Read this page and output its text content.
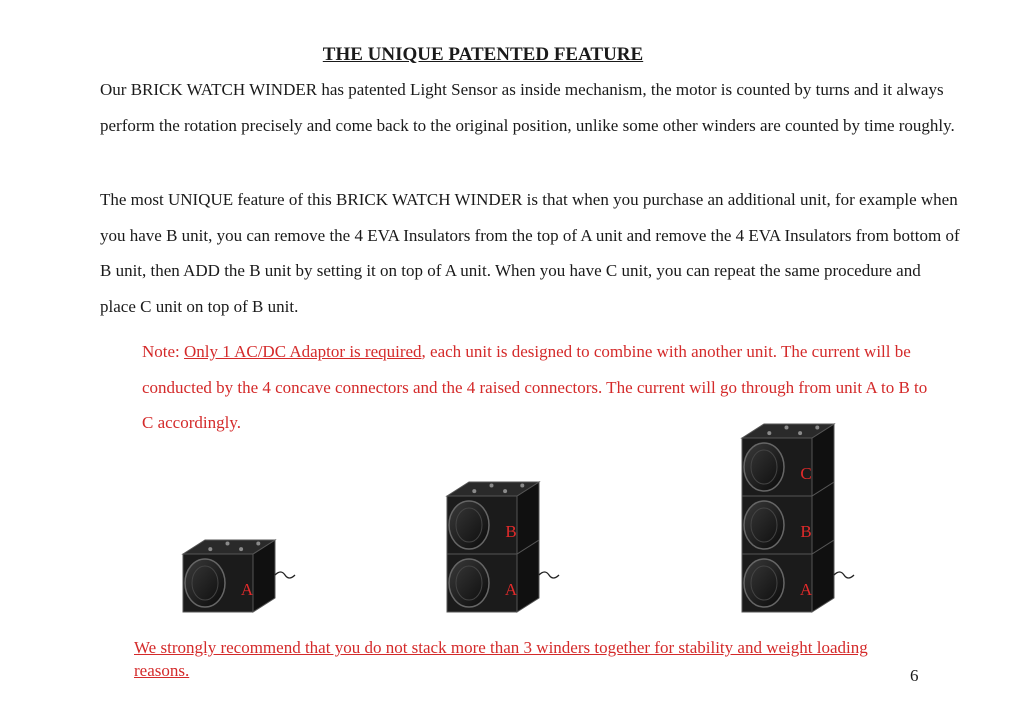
THE UNIQUE PATENTED FEATURE
Our BRICK WATCH WINDER has patented Light Sensor as inside mechanism, the motor is counted by turns and it always perform the rotation precisely and come back to the original position, unlike some other winders are counted by time roughly.
The most UNIQUE feature of this BRICK WATCH WINDER is that when you purchase an additional unit, for example when you have B unit, you can remove the 4 EVA Insulators from the top of A unit and remove the 4 EVA Insulators from bottom of B unit, then ADD the B unit by setting it on top of A unit. When you have C unit, you can repeat the same procedure and place C unit on top of B unit.
Note: Only 1 AC/DC Adaptor is required, each unit is designed to combine with another unit. The current will be conducted by the 4 concave connectors and the 4 raised connectors. The current will go through from unit A to B to C accordingly.
A	A
B
A
B
C
We strongly recommend that you do not stack more than 3 winders together for stability and weight loading reasons.	6
